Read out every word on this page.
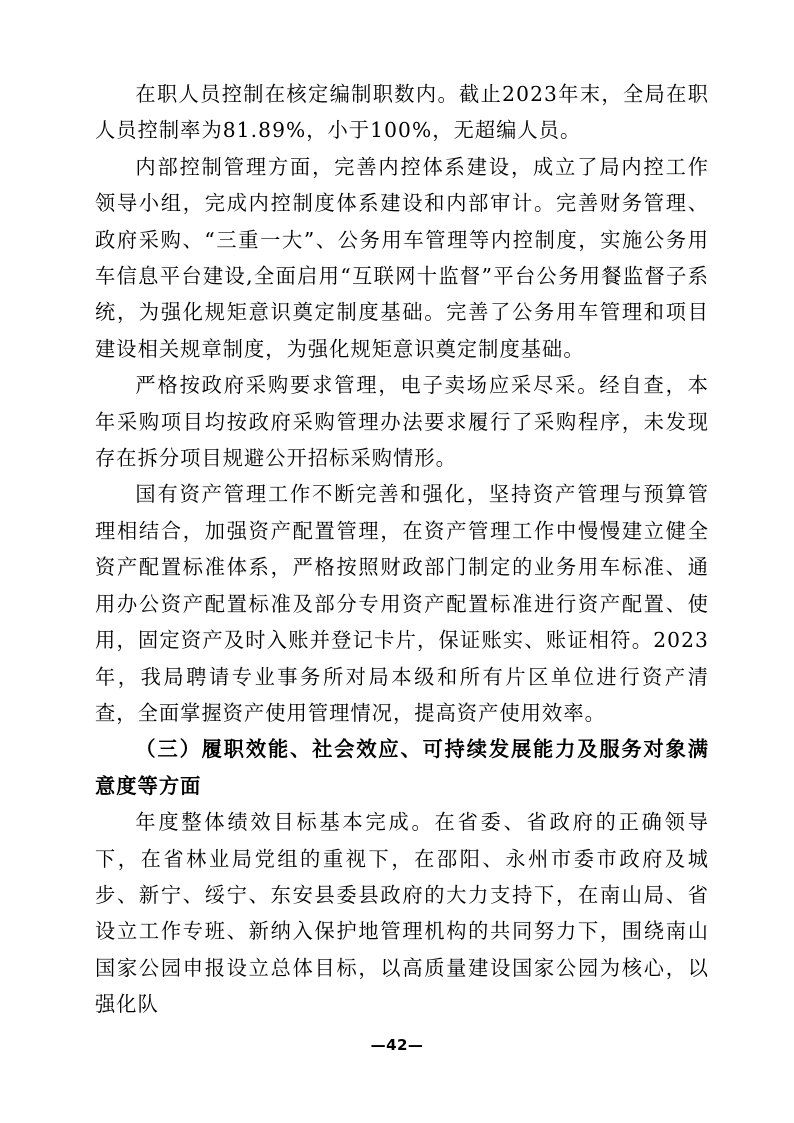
在职人员控制在核定编制职数内。截止2023年末，全局在职人员控制率为81.89%，小于100%，无超编人员。

内部控制管理方面，完善内控体系建设，成立了局内控工作领导小组，完成内控制度体系建设和内部审计。完善财务管理、政府采购、“三重一大”、公务用车管理等内控制度，实施公务用车信息平台建设,全面启用“互联网十监督”平台公务用餐监督子系统，为强化规矩意识奠定制度基础。完善了公务用车管理和项目建设相关规章制度，为强化规矩意识奠定制度基础。

严格按政府采购要求管理，电子卖场应采尽采。经自查，本年采购项目均按政府采购管理办法要求履行了采购程序，未发现存在拆分项目规避公开招标采购情形。

国有资产管理工作不断完善和强化，坚持资产管理与预算管理相结合，加强资产配置管理，在资产管理工作中慢慢建立健全资产配置标准体系，严格按照财政部门制定的业务用车标准、通用办公资产配置标准及部分专用资产配置标准进行资产配置、使用，固定资产及时入账并登记卡片，保证账实、账证相符。2023年，我局聘请专业事务所对局本级和所有片区单位进行资产清查，全面掌握资产使用管理情况，提高资产使用效率。

（三）履职效能、社会效应、可持续发展能力及服务对象满意度等方面

年度整体绩效目标基本完成。在省委、省政府的正确领导下，在省林业局党组的重视下，在邵阳、永州市委市政府及城步、新宁、绥宁、东安县委县政府的大力支持下，在南山局、省设立工作专班、新纳入保护地管理机构的共同努力下，围绕南山国家公园申报设立总体目标，以高质量建设国家公园为核心，以强化队

—42—
